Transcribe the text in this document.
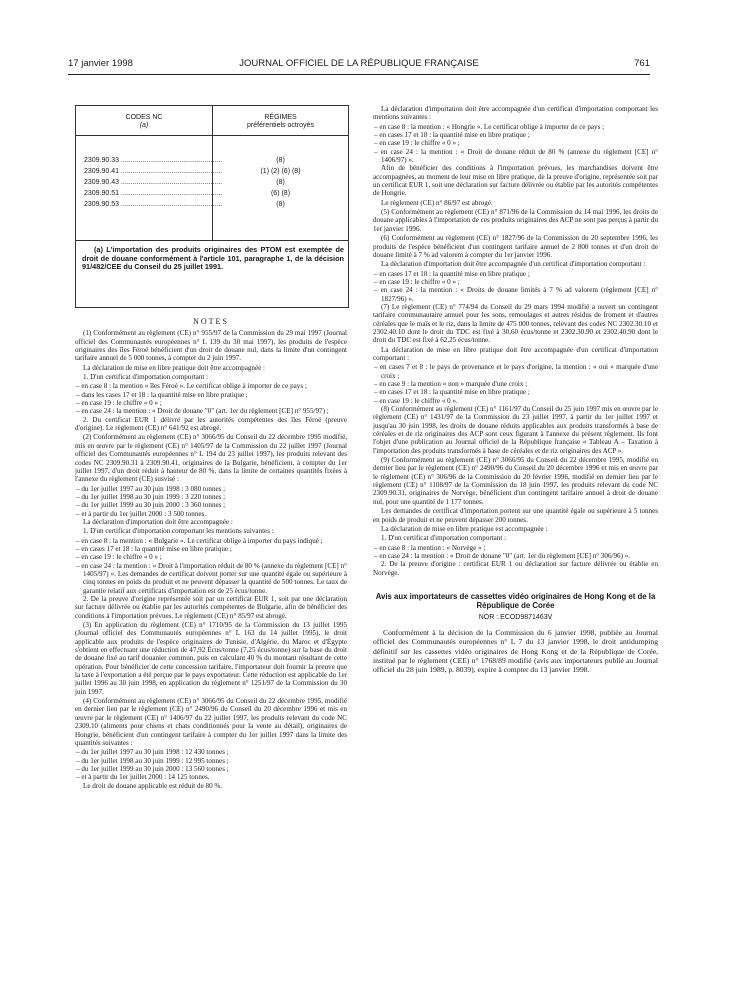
17 janvier 1998	JOURNAL OFFICIEL DE LA RÉPUBLIQUE FRANÇAISE	761
CODES NC
(a)
RÉGIMES
préférentiels octroyés
2309.90.33 ....................................................	(8)
2309.90.41 ....................................................	(1) (2) (6) (8)
2309.90.43 ....................................................	(8)
2309.90.51 ....................................................	(6) (8)
2309.90.53 ....................................................	(8)
(a) L'importation des produits originaires des PTOM est exemptée de droit de douane conformément à l'article 101, paragraphe 1, de la décision 91/482/CEE du Conseil du 25 juillet 1991.
NOTES

(1) Conformément au règlement (CE) n° 955/97 de la Commission du 29 mai 1997 (Journal officiel des Communautés européennes n° L 139 du 30 mai 1997), les produits de l'espèce originaires des îles Féroé bénéficient d'un droit de douane nul, dans la limite d'un contingent tarifaire annuel de 5 000 tonnes, à compter du 2 juin 1997.

La déclaration de mise en libre pratique doit être accompagnée :

1. D'un certificat d'importation comportant :

– en case 8 : la mention « îles Féroé ». Le certificat oblige à importer de ce pays ;

– dans les cases 17 et 18 : la quantité mise en libre pratique ;

– en case 19 : le chiffre « 0 » ;

– en case 24 : la mention : « Droit de douane "0" (art. 1er du règlement [CE] n° 955/97) ;

2. Du certificat EUR 1 délivré par les autorités compétentes des îles Féroé (preuve d'origine). Le règlement (CE) n° 641/92 est abrogé.

(2) Conformément au règlement (CE) n° 3066/95 du Conseil du 22 décembre 1995 modifié, mis en œuvre par le règlement (CE) n° 1405/97 de la Commission du 22 juillet 1997 (Journal officiel des Communautés européennes n° L 194 du 23 juillet 1997), les produits relevant des codes NC 2309.90.31 à 2309.90.41, originaires de la Bulgarie, bénéficient, à compter du 1er juillet 1997, d'un droit réduit à hauteur de 80 %, dans la limite de certaines quantités fixées à l'annexe du règlement (CE) susvisé :

– du 1er juillet 1997 au 30 juin 1998 : 3 080 tonnes ;

– du 1er juillet 1998 au 30 juin 1999 : 3 220 tonnes ;

– du 1er juillet 1999 au 30 juin 2000 : 3 360 tonnes ;

– et à partir du 1er juillet 2000 : 3 500 tonnes.

La déclaration d'importation doit être accompagnée :

1. D'un certificat d'importation comportant les mentions suivantes :

– en case 8 : la mention : « Bulgarie ». Le certificat oblige à importer du pays indiqué ;

– en cases 17 et 18 : la quantité mise en libre pratique ;

– en case 19 : le chiffre « 0 » ;

– en case 24 : la mention : « Droit à l'importation réduit de 80 % (annexe du règlement [CE] n° 1405/97) ». Les demandes de certificat doivent porter sur une quantité égale ou supérieure à cinq tonnes en poids du produit et ne peuvent dépasser la quantité de 500 tonnes. Le taux de garantie relatif aux certificats d'importation est de 25 écus/tonne.

2. De la preuve d'origine représentée soit par un certificat EUR 1, soit par une déclaration sur facture délivrée ou établie par les autorités compétentes de Bulgarie, afin de bénéficier des conditions à l'importation prévues. Le règlement (CE) n° 85/97 est abrogé.

(3) En application du règlement (CE) n° 1710/95 de la Commission du 13 juillet 1995 (Journal officiel des Communautés européennes n° L 163 du 14 juillet 1995), le droit applicable aux produits de l'espèce originaires de Tunisie, d'Algérie, du Maroc et d'Égypte s'obtient en effectuant une réduction de 47,92 Écus/tonne (7,25 écus/tonne) sur la base du droit de douane fixé au tarif douanier commun, puis en calculant 40 % du montant résultant de cette opération. Pour bénéficier de cette concession tarifaire, l'importateur doit fournir la preuve que la taxe à l'exportation a été perçue par le pays exportateur. Cette réduction est applicable du 1er juillet 1996 au 30 juin 1998, en application du règlement n° 1251/97 de la Commission du 30 juin 1997.

(4) Conformément au règlement (CE) n° 3066/95 du Conseil du 22 décembre 1995, modifié en dernier lieu par le règlement (CE) n° 2490/96 du Conseil du 20 décembre 1996 et mis en œuvre par le règlement (CE) n° 1406/97 du 22 juillet 1997, les produits relevant du code NC 2309.10 (aliments pour chiens et chats conditionnés pour la vente au détail), originaires de Hongrie, bénéficient d'un contingent tarifaire à compter du 1er juillet 1997 dans la limite des quantités suivantes :

– du 1er juillet 1997 au 30 juin 1998 : 12 430 tonnes ;

– du 1er juillet 1998 au 30 juin 1999 : 12 995 tonnes ;

– du 1er juillet 1999 au 30 juin 2000 : 13 560 tonnes ;

– et à partir du 1er juillet 2000 : 14 125 tonnes.

Le droit de douane applicable est réduit de 80 %.

La déclaration d'importation doit être accompagnée d'un certificat d'importation comportant les mentions suivantes :

– en case 8 : la mention : « Hongrie ». Le certificat oblige à importer de ce pays ;

– en cases 17 et 18 : la quantité mise en libre pratique ;

– en case 19 : le chiffre « 0 » ;

– en case 24 : la mention : « Droit de douane réduit de 80 % (annexe du règlement [CE] n° 1406/97) ».

Afin de bénéficier des conditions à l'importation prévues, les marchandises doivent être accompagnées, au moment de leur mise en libre pratique, de la preuve d'origine, représentée soit par un certificat EUR 1, soit une déclaration sur facture délivrée ou établie par les autorités compétentes de Hongrie.

Le règlement (CE) n° 86/97 est abrogé.

(5) Conformément au règlement (CE) n° 871/96 de la Commission du 14 mai 1996, les droits de douane applicables à l'importation de ces produits originaires des ACP ne sont pas perçus à partir du 1er janvier 1996.

(6) Conformément au règlement (CE) n° 1827/96 de la Commission du 20 septembre 1996, les produits de l'espèce bénéficient d'un contingent tarifaire annuel de 2 800 tonnes et d'un droit de douane limité à 7 % ad valorem à compter du 1er janvier 1996.

La déclaration d'importation doit être accompagnée d'un certificat d'importation comportant :

– en cases 17 et 18 : la quantité mise en libre pratique ;

– en case 19 : le chiffre « 0 » ;

– en case 24 : la mention : « Droits de douane limités à 7 % ad valorem (règlement [CE] n° 1827/96) ».

(7) Le règlement (CE) n° 774/94 du Conseil du 29 mars 1994 modifié a ouvert un contingent tarifaire communautaire annuel pour les sons, remoulages et autres résidus de froment et d'autres céréales que le maïs et le riz, dans la limite de 475 000 tonnes, relevant des codes NC 2302.30.10 et 2302.40.10 dont le droit du TDC est fixé à 30,60 écus/tonne et 2302.30.90 et 2302.40.90 dont le droit du TDC est fixé à 62,25 écus/tonne.

La déclaration de mise en libre pratique doit être accompagnée d'un certificat d'importation comportant :

– en cases 7 et 8 : le pays de provenance et le pays d'origine, la mention : « oui » marquée d'une croix ;

– en case 9 : la mention « non » marquée d'une croix ;

– en cases 17 et 18 : la quantité mise en libre pratique ;

– en case 19 : le chiffre « 0 ».

(8) Conformément au règlement (CE) n° 1161/97 du Conseil du 25 juin 1997 mis en œuvre par le règlement (CE) n° 1431/97 de la Commission du 23 juillet 1997, à partir du 1er juillet 1997 et jusqu'au 30 juin 1998, les droits de douane réduits applicables aux produits transformés à base de céréales et de riz originaires des ACP sont ceux figurant à l'annexe du présent règlement. Ils font l'objet d'une publication au Journal officiel de la République française « Tableau A – Taxation à l'importation des produits transformés à base de céréales et de riz originaires des ACP ».

(9) Conformément au règlement (CE) n° 3066/95 du Conseil du 22 décembre 1995, modifié en dernier lieu par le règlement (CE) n° 2490/96 du Conseil du 20 décembre 1996 et mis en œuvre par le règlement (CE) n° 306/96 de la Commission du 20 février 1996, modifié en dernier lieu par le règlement (CE) n° 1108/97 de la Commission du 18 juin 1997, les produits relevant du code NC 2309.90.31, originaires de Norvège, bénéficient d'un contingent tarifaire annuel à droit de douane nul, pour une quantité de 1 177 tonnes.

Les demandes de certificat d'importation portent sur une quantité égale ou supérieure à 5 tonnes en poids de produit et ne peuvent dépasser 200 tonnes.

La déclaration de mise en libre pratique est accompagnée :

1. D'un certificat d'importation comportant :

– en case 8 : la mention : « Norvège » ;

– en case 24 : la mention : « Droit de douane "0" (art. 1er du règlement [CE] n° 306/96) ».

2. De la preuve d'origine : certificat EUR 1 ou déclaration sur facture délivrée ou établie en Norvège.

Avis aux importateurs de cassettes vidéo originaires de Hong Kong et de la République de Corée
NOR : ECOD9871463V

Conformément à la décision de la Commission du 6 janvier 1998, publiée au Journal officiel des Communautés européennes n° L 7 du 13 janvier 1998, le droit antidumping définitif sur les cassettes vidéo originaires de Hong Kong et de la République de Corée, institué par le règlement (CEE) n° 1768/89 modifié (avis aux importateurs publié au Journal officiel du 28 juin 1989, p. 8039), expire à compter du 13 janvier 1998.
